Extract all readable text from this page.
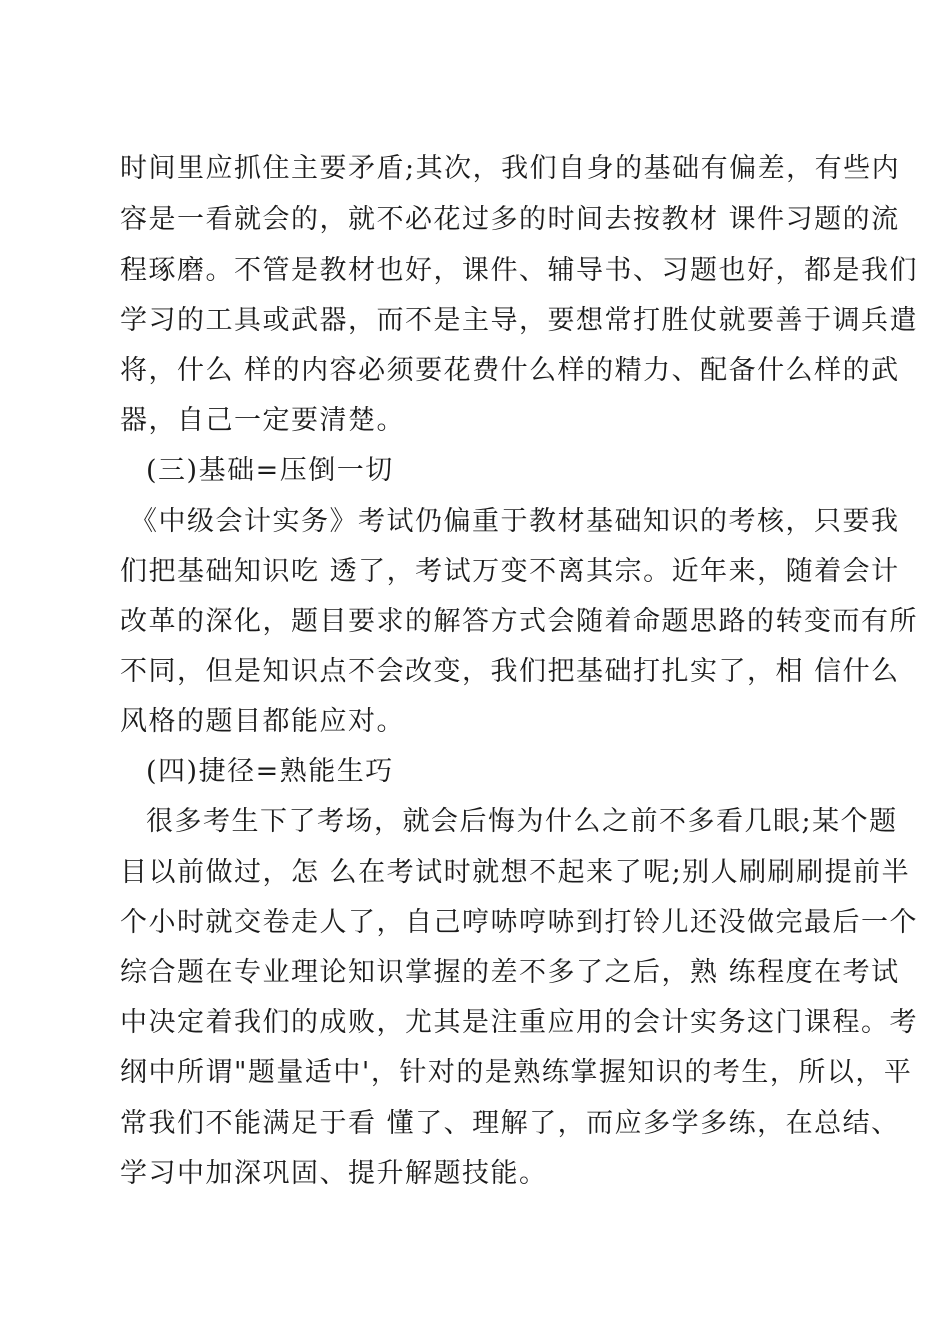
时间里应抓住主要矛盾;其次，我们自身的基础有偏差，有些内
容是一看就会的，就不必花过多的时间去按教材 课件习题的流
程琢磨。不管是教材也好，课件、辅导书、习题也好，都是我们
学习的工具或武器，而不是主导，要想常打胜仗就要善于调兵遣
将，什么 样的内容必须要花费什么样的精力、配备什么样的武
器，自己一定要清楚。
(三)基础=压倒一切
《中级会计实务》考试仍偏重于教材基础知识的考核，只要我
们把基础知识吃 透了，考试万变不离其宗。近年来，随着会计
改革的深化，题目要求的解答方式会随着命题思路的转变而有所
不同，但是知识点不会改变，我们把基础打扎实了，相 信什么
风格的题目都能应对。
(四)捷径=熟能生巧
很多考生下了考场，就会后悔为什么之前不多看几眼;某个题
目以前做过，怎 么在考试时就想不起来了呢;别人刷刷刷提前半
个小时就交卷走人了，自己哼哧哼哧到打铃儿还没做完最后一个
综合题在专业理论知识掌握的差不多了之后，熟 练程度在考试
中决定着我们的成败，尤其是注重应用的会计实务这门课程。考
纲中所谓"题量适中'，针对的是熟练掌握知识的考生，所以，平
常我们不能满足于看 懂了、理解了，而应多学多练，在总结、
学习中加深巩固、提升解题技能。
